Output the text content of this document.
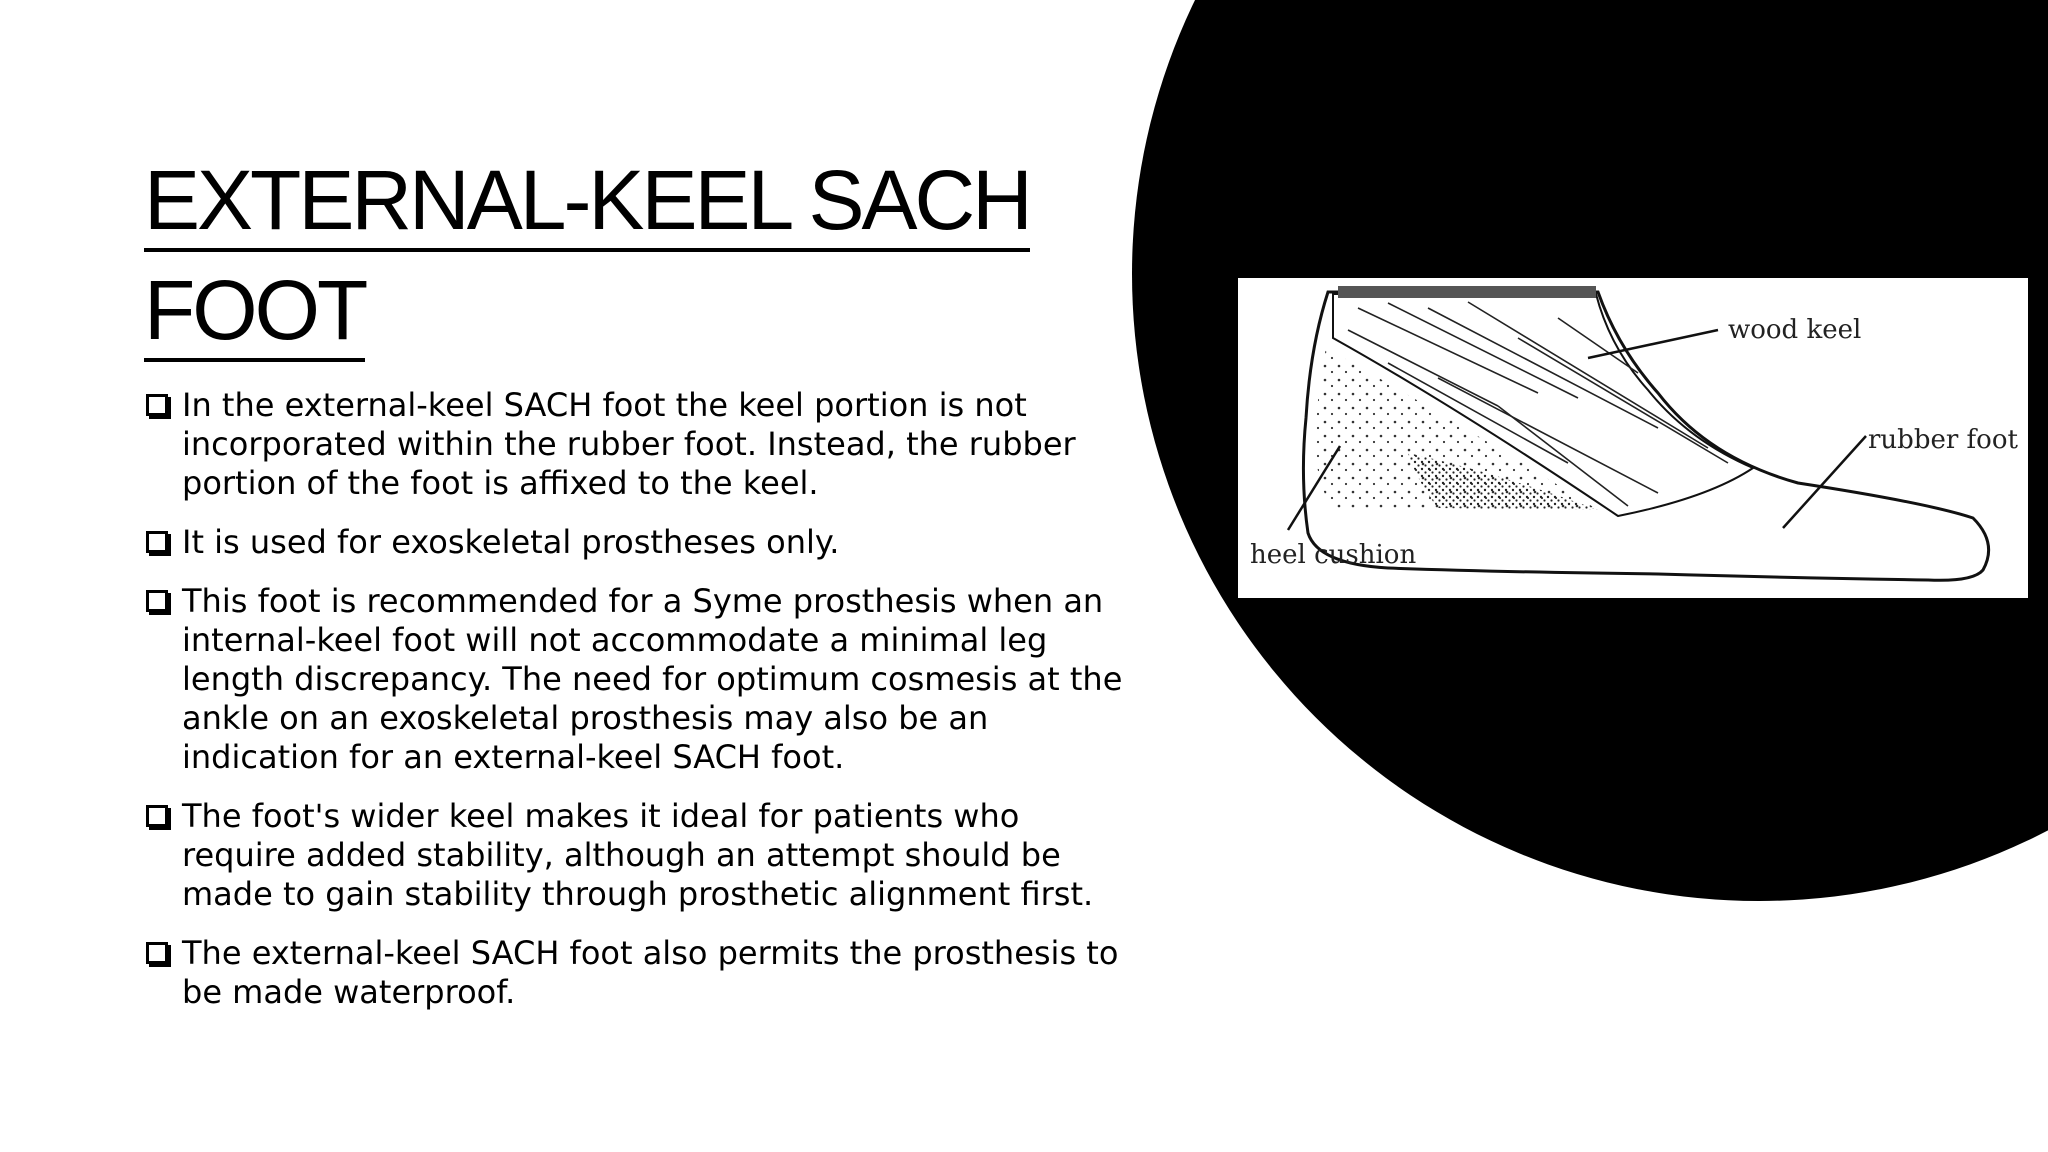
EXTERNAL-KEEL SACH
FOOT
In the external-keel SACH foot the keel portion is not incorporated within the rubber foot. Instead, the rubber portion of the foot is affixed to the keel.
It is used for exoskeletal prostheses only.
This foot is recommended for a Syme prosthesis when an internal-keel foot will not accommodate a minimal leg length discrepancy. The need for optimum cosmesis at the ankle on an exoskeletal prosthesis may also be an indication for an external-keel SACH foot.
The foot's wider keel makes it ideal for patients who require added stability, although an attempt should be made to gain stability through prosthetic alignment first.
The external-keel SACH foot also permits the prosthesis to be made waterproof.
wood keel
rubber foot
heel cushion
